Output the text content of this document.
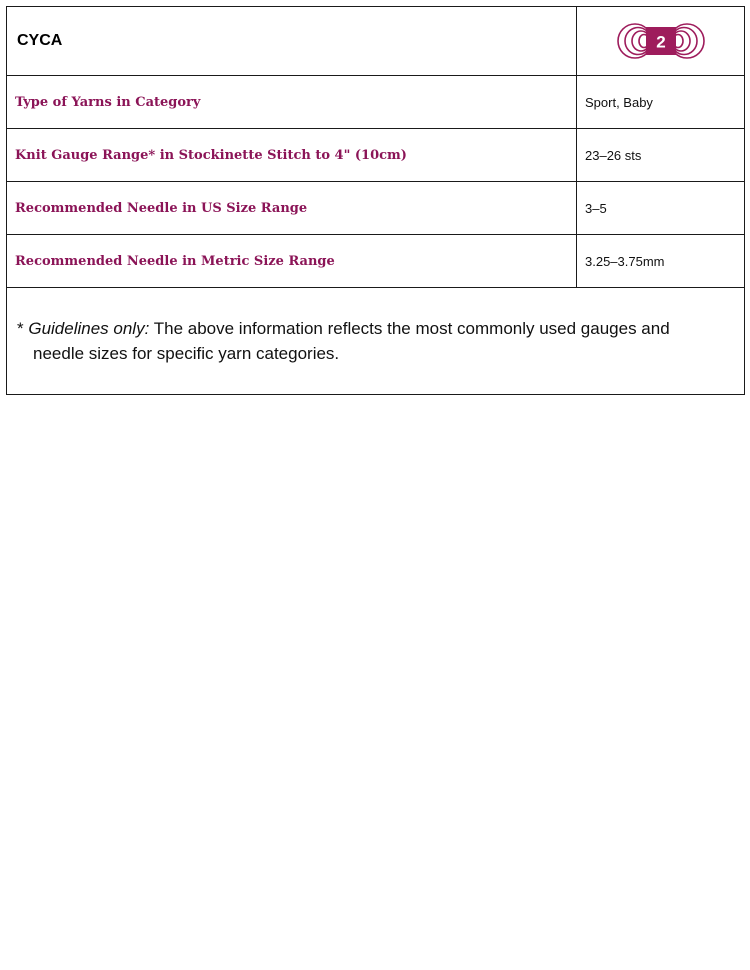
CYCA	2

Type of Yarns in Category	Sport, Baby
Knit Gauge Range* in Stockinette Stitch to 4" (10cm)	23–26 sts
Recommended Needle in US Size Range	3–5
Recommended Needle in Metric Size Range	3.25–3.75mm

* Guidelines only: The above information reflects the most commonly used gauges and needle sizes for specific yarn categories.	
